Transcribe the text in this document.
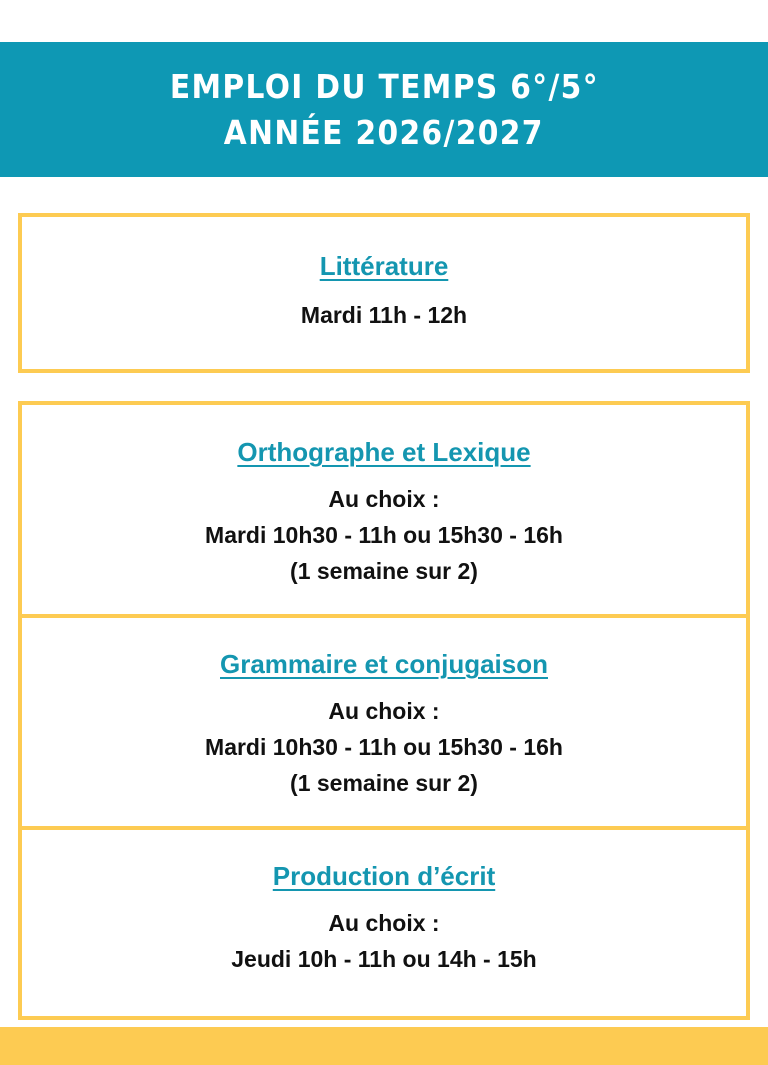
EMPLOI DU TEMPS 6°/5°
ANNÉE 2026/2027

Littérature

Mardi 11h - 12h

Orthographe et Lexique

Au choix :

Mardi 10h30 - 11h ou 15h30 - 16h

(1 semaine sur 2)

Grammaire et conjugaison

Au choix :

Mardi 10h30 - 11h ou 15h30 - 16h

(1 semaine sur 2)

Production d’écrit

Au choix :

Jeudi 10h - 11h ou 14h - 15h
